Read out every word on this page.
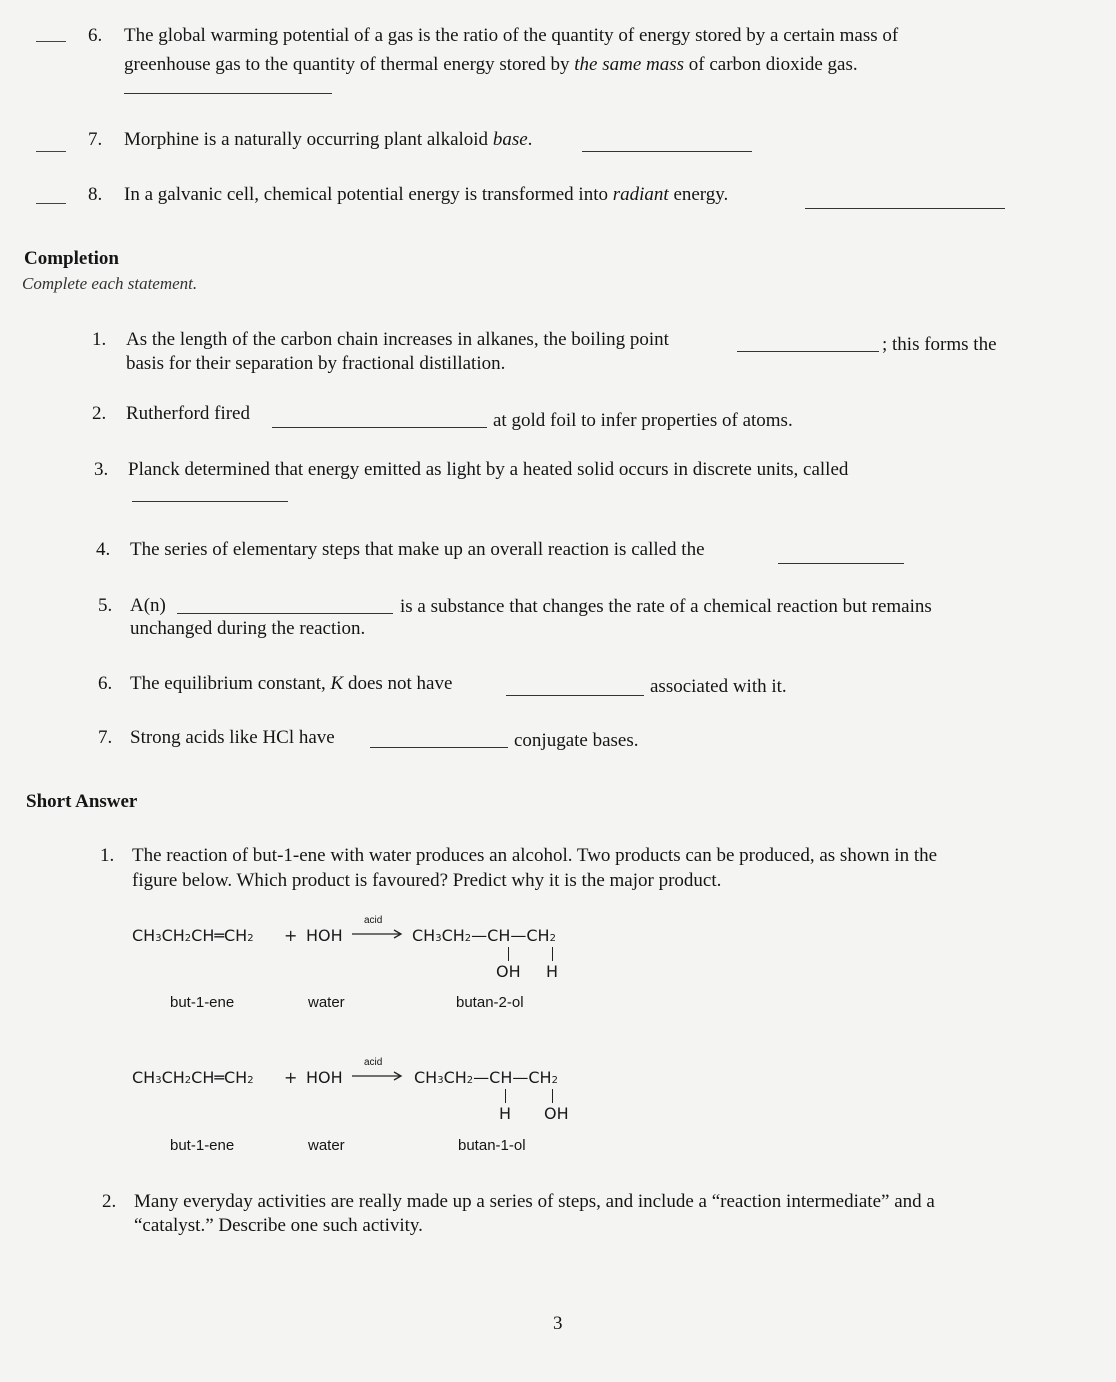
6. The global warming potential of a gas is the ratio of the quantity of energy stored by a certain mass of
greenhouse gas to the quantity of thermal energy stored by the same mass of carbon dioxide gas.
7. Morphine is a naturally occurring plant alkaloid base.
8. In a galvanic cell, chemical potential energy is transformed into radiant energy.
Completion
Complete each statement.
1. As the length of the carbon chain increases in alkanes, the boiling point	; this forms the
basis for their separation by fractional distillation.
2. Rutherford fired	at gold foil to infer properties of atoms.
3. Planck determined that energy emitted as light by a heated solid occurs in discrete units, called
4. The series of elementary steps that make up an overall reaction is called the
5. A(n)	is a substance that changes the rate of a chemical reaction but remains
unchanged during the reaction.
6. The equilibrium constant, K does not have	associated with it.
7. Strong acids like HCl have	conjugate bases.
Short Answer
1. The reaction of but-1-ene with water produces an alcohol. Two products can be produced, as shown in the
figure below. Which product is favoured? Predict why it is the major product.
CH3CH2CH═CH2 + HOH →
acid
CH3CH2—CH—CH2
OH H
but-1-ene	water	butan-2-ol
CH3CH2CH═CH2 + HOH →
acid
CH3CH2—CH—CH2
H OH
but-1-ene	water	butan-1-ol
2. Many everyday activities are really made up a series of steps, and include a “reaction intermediate” and a
“catalyst.” Describe one such activity.
3
